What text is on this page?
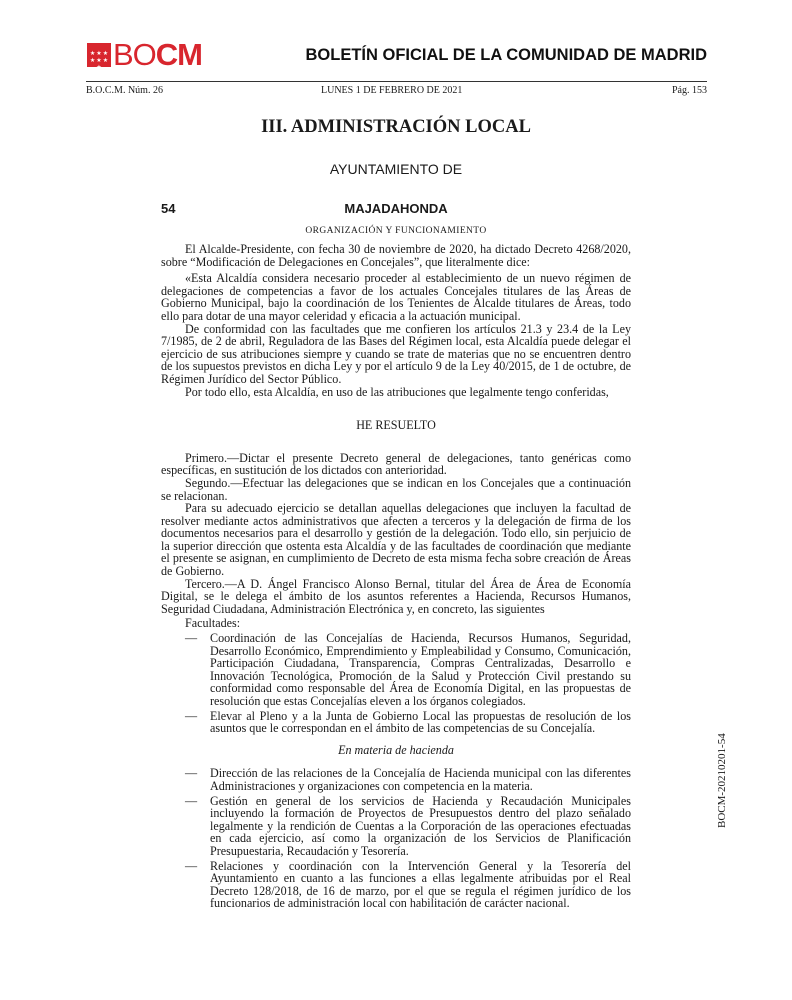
★ ★ ★
★ ★ ★
★ BO CM	BOLETÍN OFICIAL DE LA COMUNIDAD DE MADRID
B.O.C.M. Núm. 26	LUNES 1 DE FEBRERO DE 2021	Pág. 153
III. ADMINISTRACIÓN LOCAL
AYUNTAMIENTO DE
54	MAJADAHONDA
ORGANIZACIÓN Y FUNCIONAMIENTO

El Alcalde-Presidente, con fecha 30 de noviembre de 2020, ha dictado Decreto 4268/2020, sobre “Modificación de Delegaciones en Concejales”, que literalmente dice:

«Esta Alcaldía considera necesario proceder al establecimiento de un nuevo régimen de delegaciones de competencias a favor de los actuales Concejales titulares de las Áreas de Gobierno Municipal, bajo la coordinación de los Tenientes de Alcalde titulares de Áreas, todo ello para dotar de una mayor celeridad y eficacia a la actuación municipal.

De conformidad con las facultades que me confieren los artículos 21.3 y 23.4 de la Ley 7/1985, de 2 de abril, Reguladora de las Bases del Régimen local, esta Alcaldía puede delegar el ejercicio de sus atribuciones siempre y cuando se trate de materias que no se encuentren dentro de los supuestos previstos en dicha Ley y por el artículo 9 de la Ley 40/2015, de 1 de octubre, de Régimen Jurídico del Sector Público.

Por todo ello, esta Alcaldía, en uso de las atribuciones que legalmente tengo conferidas,

HE RESUELTO

Primero.—Dictar el presente Decreto general de delegaciones, tanto genéricas como específicas, en sustitución de los dictados con anterioridad.

Segundo.—Efectuar las delegaciones que se indican en los Concejales que a continuación se relacionan.

Para su adecuado ejercicio se detallan aquellas delegaciones que incluyen la facultad de resolver mediante actos administrativos que afecten a terceros y la delegación de firma de los documentos necesarios para el desarrollo y gestión de la delegación. Todo ello, sin perjuicio de la superior dirección que ostenta esta Alcaldía y de las facultades de coordinación que mediante el presente se asignan, en cumplimiento de Decreto de esta misma fecha sobre creación de Áreas de Gobierno.

Tercero.—A D. Ángel Francisco Alonso Bernal, titular del Área de Área de Economía Digital, se le delega el ámbito de los asuntos referentes a Hacienda, Recursos Humanos, Seguridad Ciudadana, Administración Electrónica y, en concreto, las siguientes

Facultades:
— Coordinación de las Concejalías de Hacienda, Recursos Humanos, Seguridad, Desarrollo Económico, Emprendimiento y Empleabilidad y Consumo, Comunicación, Participación Ciudadana, Transparencia, Compras Centralizadas, Desarrollo e Innovación Tecnológica, Promoción de la Salud y Protección Civil prestando su conformidad como responsable del Área de Economía Digital, en las propuestas de resolución que estas Concejalías eleven a los órganos colegiados.
— Elevar al Pleno y a la Junta de Gobierno Local las propuestas de resolución de los asuntos que le correspondan en el ámbito de las competencias de su Concejalía.
En materia de hacienda
— Dirección de las relaciones de la Concejalía de Hacienda municipal con las diferentes Administraciones y organizaciones con competencia en la materia.
— Gestión en general de los servicios de Hacienda y Recaudación Municipales incluyendo la formación de Proyectos de Presupuestos dentro del plazo señalado legalmente y la rendición de Cuentas a la Corporación de las operaciones efectuadas en cada ejercicio, así como la organización de los Servicios de Planificación Presupuestaria, Recaudación y Tesorería.
— Relaciones y coordinación con la Intervención General y la Tesorería del Ayuntamiento en cuanto a las funciones a ellas legalmente atribuidas por el Real Decreto 128/2018, de 16 de marzo, por el que se regula el régimen jurídico de los funcionarios de administración local con habilitación de carácter nacional.
BOCM-20210201-54
